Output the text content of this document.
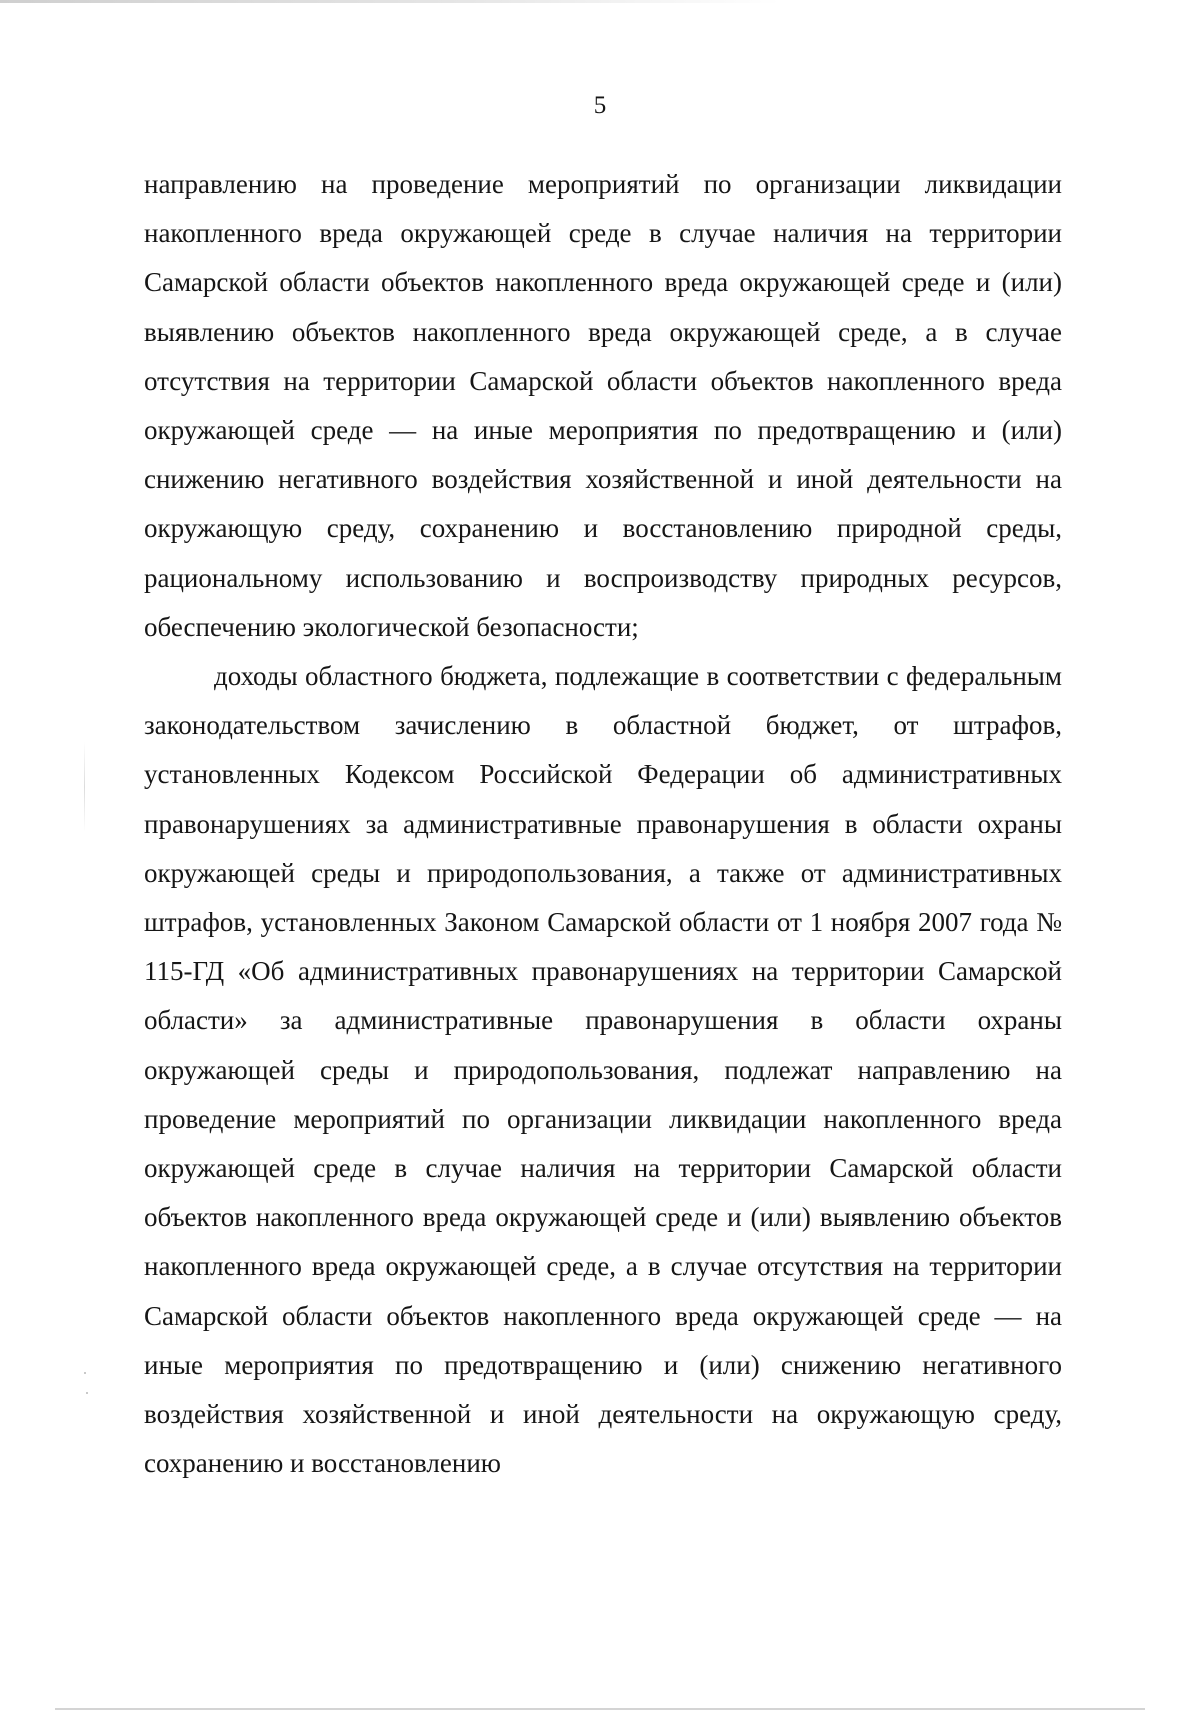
5

направлению на проведение мероприятий по организации ликвидации накопленного вреда окружающей среде в случае наличия на территории Самарской области объектов накопленного вреда окружающей среде и (или) выявлению объектов накопленного вреда окружающей среде, а в случае отсутствия на территории Самарской области объектов накопленного вреда окружающей среде — на иные мероприятия по предотвращению и (или) снижению негативного воздействия хозяйственной и иной деятельности на окружающую среду, сохранению и восстановлению природной среды, рациональному использованию и воспроизводству природных ресурсов, обеспечению экологической безопасности;

доходы областного бюджета, подлежащие в соответствии с федеральным законодательством зачислению в областной бюджет, от штрафов, установленных Кодексом Российской Федерации об административных правонарушениях за административные правонарушения в области охраны окружающей среды и природопользования, а также от административных штрафов, установленных Законом Самарской области от 1 ноября 2007 года № 115-ГД «Об административных правонарушениях на территории Самарской области» за административные правонарушения в области охраны окружающей среды и природопользования, подлежат направлению на проведение мероприятий по организации ликвидации накопленного вреда окружающей среде в случае наличия на территории Самарской области объектов накопленного вреда окружающей среде и (или) выявлению объектов накопленного вреда окружающей среде, а в случае отсутствия на территории Самарской области объектов накопленного вреда окружающей среде — на иные мероприятия по предотвращению и (или) снижению негативного воздействия хозяйственной и иной деятельности на окружающую среду, сохранению и восстановлению
